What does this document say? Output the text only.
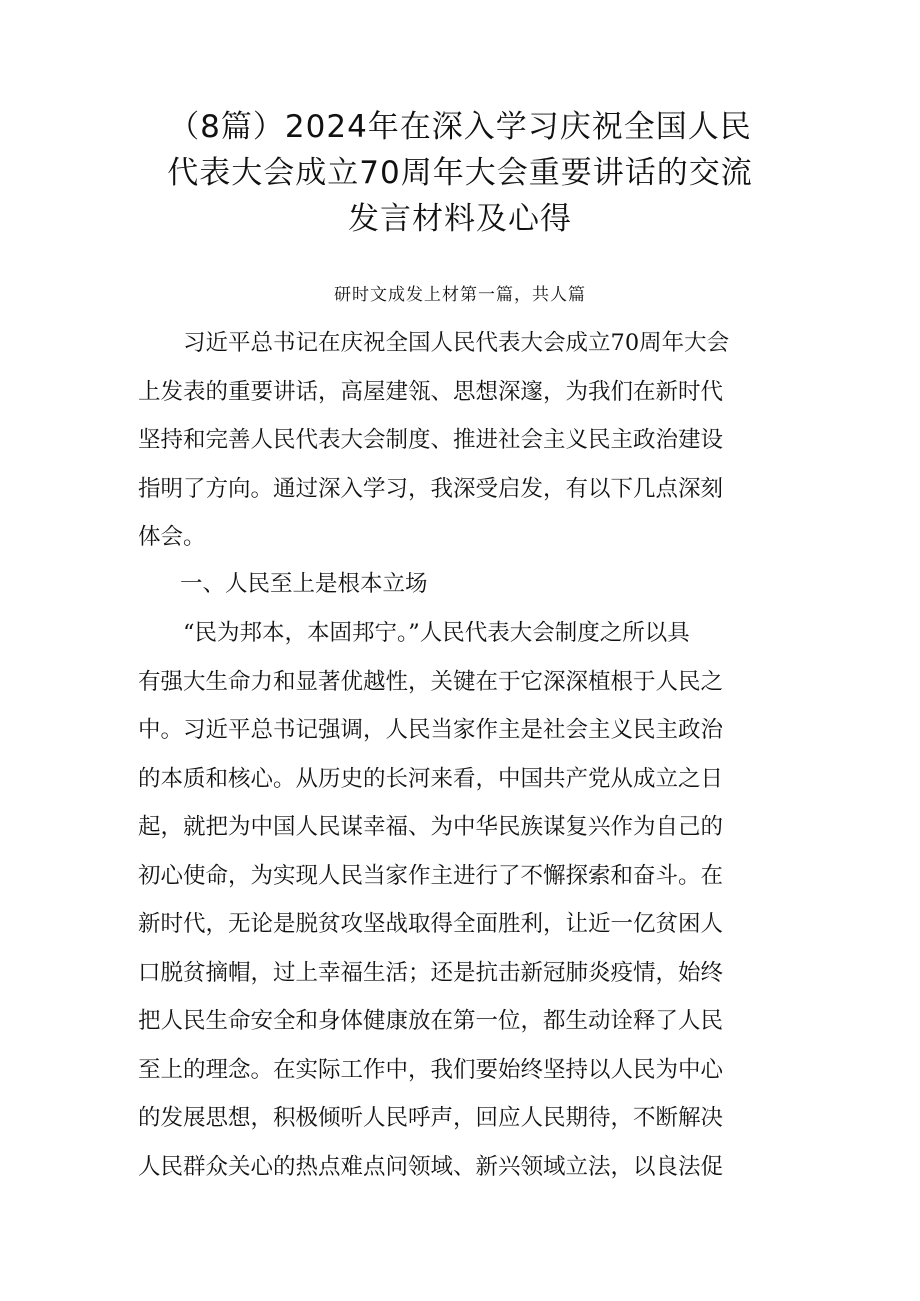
（8篇）2024年在深入学习庆祝全国人民
代表大会成立70周年大会重要讲话的交流
发言材料及心得
研时文成发上材第一篇，共人篇

　　习近平总书记在庆祝全国人民代表大会成立70周年大会
上发表的重要讲话，高屋建瓴、思想深邃，为我们在新时代
坚持和完善人民代表大会制度、推进社会主义民主政治建设
指明了方向。通过深入学习，我深受启发，有以下几点深刻
体会。

一、人民至上是根本立场

　　“民为邦本，本固邦宁。”人民代表大会制度之所以具
有强大生命力和显著优越性，关键在于它深深植根于人民之
中。习近平总书记强调，人民当家作主是社会主义民主政治
的本质和核心。从历史的长河来看，中国共产党从成立之日
起，就把为中国人民谋幸福、为中华民族谋复兴作为自己的
初心使命，为实现人民当家作主进行了不懈探索和奋斗。在
新时代，无论是脱贫攻坚战取得全面胜利，让近一亿贫困人
口脱贫摘帽，过上幸福生活；还是抗击新冠肺炎疫情，始终
把人民生命安全和身体健康放在第一位，都生动诠释了人民
至上的理念。在实际工作中，我们要始终坚持以人民为中心
的发展思想，积极倾听人民呼声，回应人民期待，不断解决
人民群众关心的热点难点问领域、新兴领域立法，以良法促
